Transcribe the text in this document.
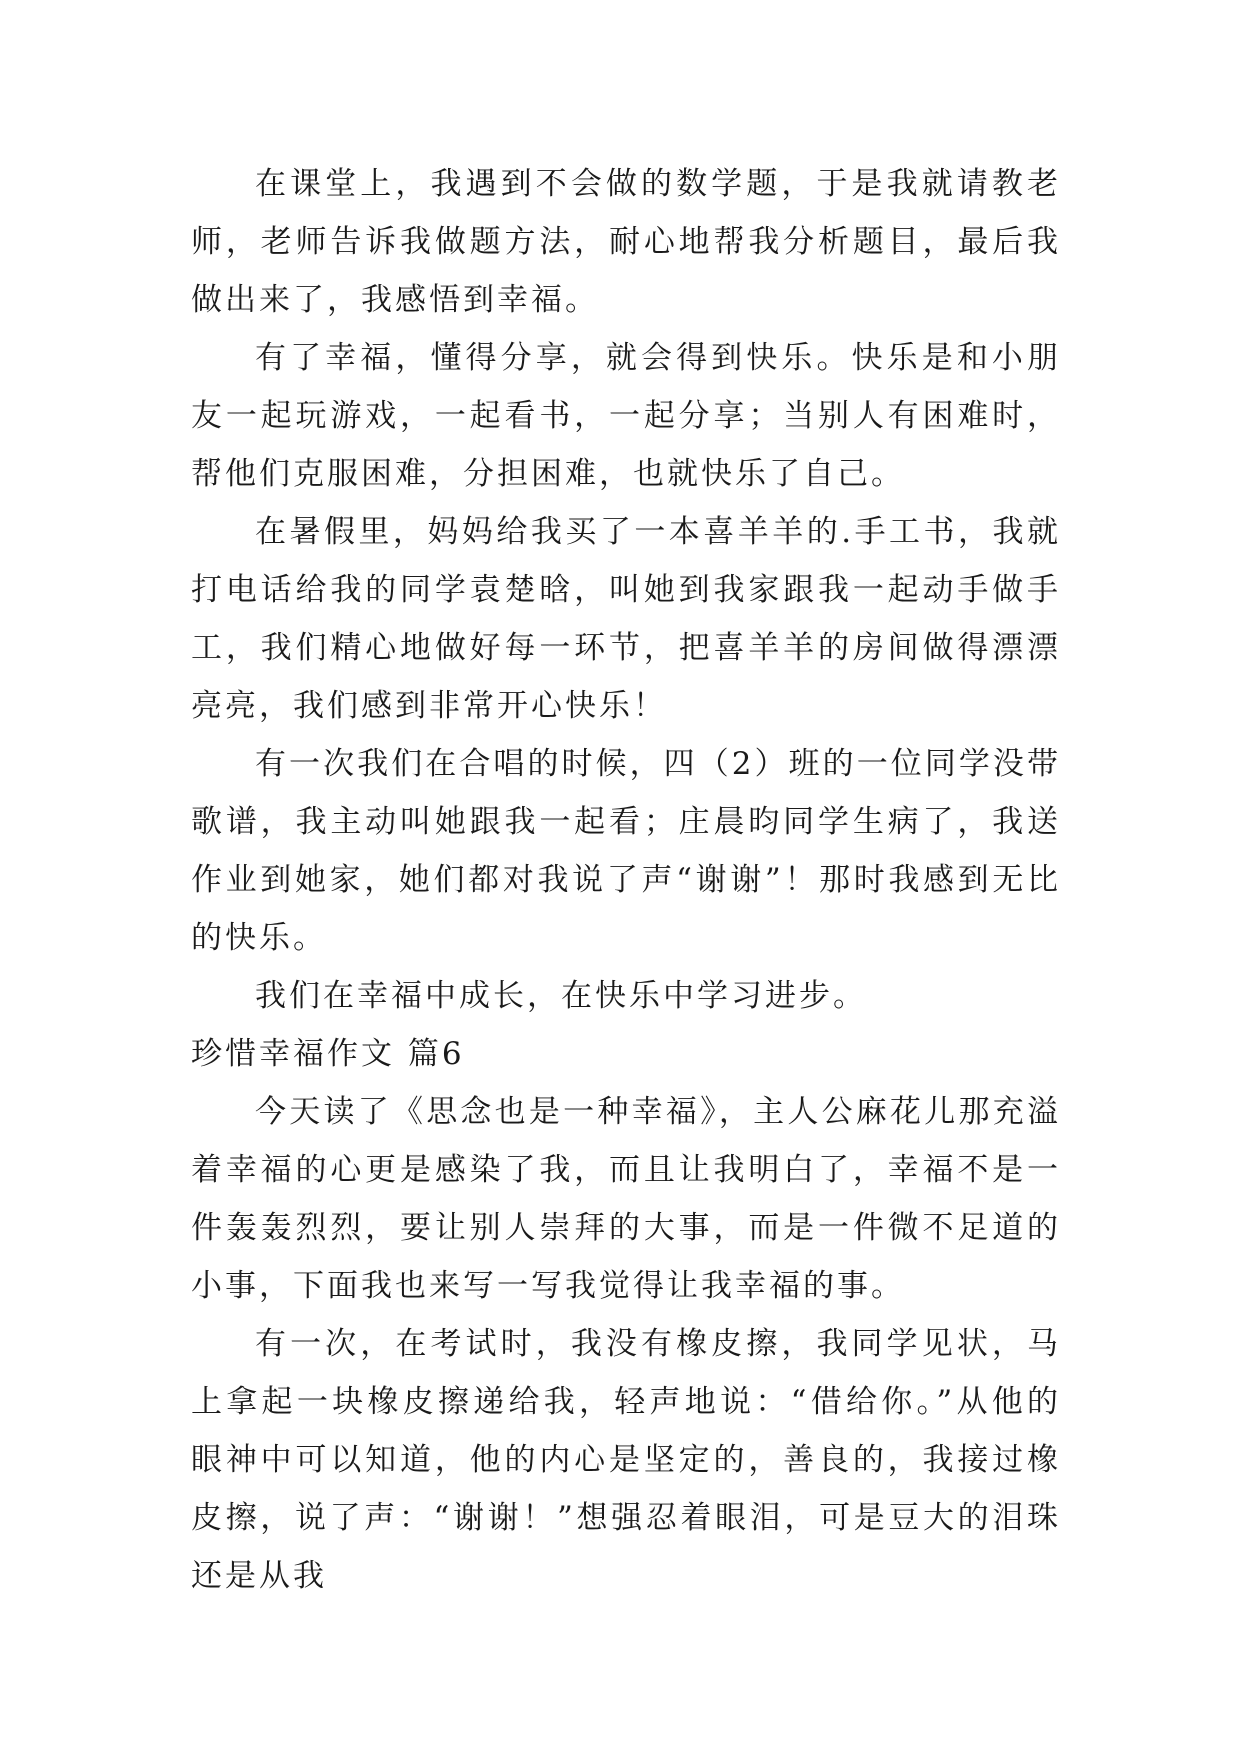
在课堂上，我遇到不会做的数学题，于是我就请教老师，老师告诉我做题方法，耐心地帮我分析题目，最后我做出来了，我感悟到幸福。

有了幸福，懂得分享，就会得到快乐。快乐是和小朋友一起玩游戏，一起看书，一起分享；当别人有困难时，帮他们克服困难，分担困难，也就快乐了自己。

在暑假里，妈妈给我买了一本喜羊羊的.手工书，我就打电话给我的同学袁楚晗，叫她到我家跟我一起动手做手工，我们精心地做好每一环节，把喜羊羊的房间做得漂漂亮亮，我们感到非常开心快乐！

有一次我们在合唱的时候，四（2）班的一位同学没带歌谱，我主动叫她跟我一起看；庄晨昀同学生病了，我送作业到她家，她们都对我说了声“谢谢”！那时我感到无比的快乐。

我们在幸福中成长，在快乐中学习进步。

珍惜幸福作文 篇6

今天读了《思念也是一种幸福》，主人公麻花儿那充溢着幸福的心更是感染了我，而且让我明白了，幸福不是一件轰轰烈烈，要让别人崇拜的大事，而是一件微不足道的小事，下面我也来写一写我觉得让我幸福的事。

有一次，在考试时，我没有橡皮擦，我同学见状，马上拿起一块橡皮擦递给我，轻声地说：“借给你。”从他的眼神中可以知道，他的内心是坚定的，善良的，我接过橡皮擦，说了声：“谢谢！”想强忍着眼泪，可是豆大的泪珠还是从我
